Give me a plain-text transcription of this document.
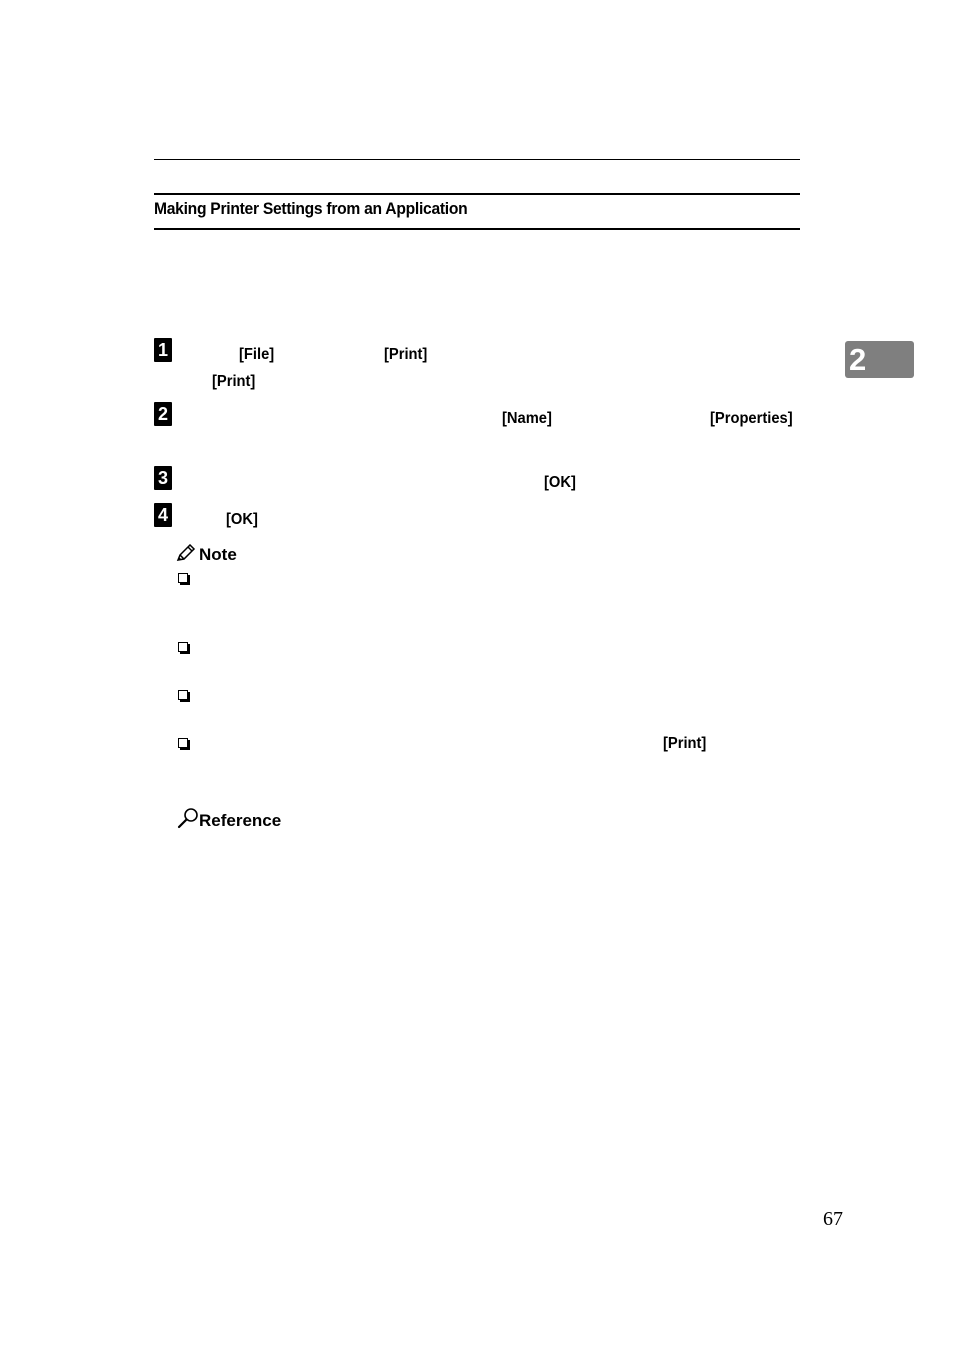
Making Printer Settings from an Application
2
1	[File]	[Print]
[Print]
2	[Name]	[Properties]
3	[OK]
4	[OK]
Note
[Print]
Reference
67
